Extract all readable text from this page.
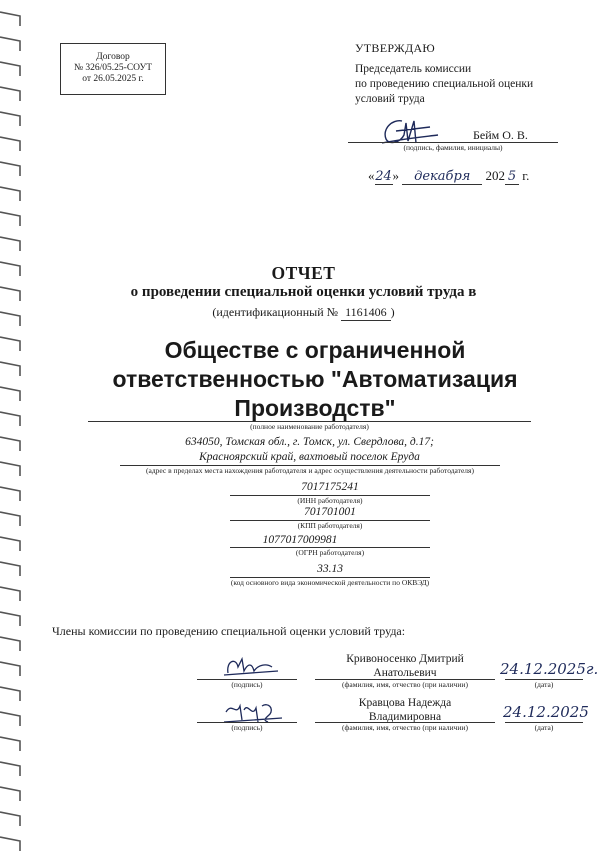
Договор
№ 326/05.25-СОУТ
от 26.05.2025 г.
УТВЕРЖДАЮ
Председатель комиссии
по проведению специальной оценки
условий труда
Бейм О. В.
(подпись, фамилия, инициалы)
«24» декабря 202 5 г.
ОТЧЕТ
о проведении специальной оценки условий труда в
(идентификационный № 1161406 )
Обществе с ограниченной
ответственностью "Автоматизация
Производств"
(полное наименование работодателя)
634050, Томская обл., г. Томск, ул. Свердлова, д.17;
Красноярский край, вахтовый поселок Еруда
(адрес в пределах места нахождения работодателя и адрес осуществления деятельности работодателя)
7017175241
(ИНН работодателя)
701701001
(КПП работодателя)
1077017009981
(ОГРН работодателя)
33.13
(код основного вида экономической деятельности по ОКВЭД)
Члены комиссии по проведению специальной оценки условий труда:
(подпись)
Кривоносенко Дмитрий
Анатольевич
(фамилия, имя, отчество (при наличии)
24.12.2025г.
(дата)
(подпись)
Кравцова Надежда
Владимировна
(фамилия, имя, отчество (при наличии)
24.12.2025
(дата)
